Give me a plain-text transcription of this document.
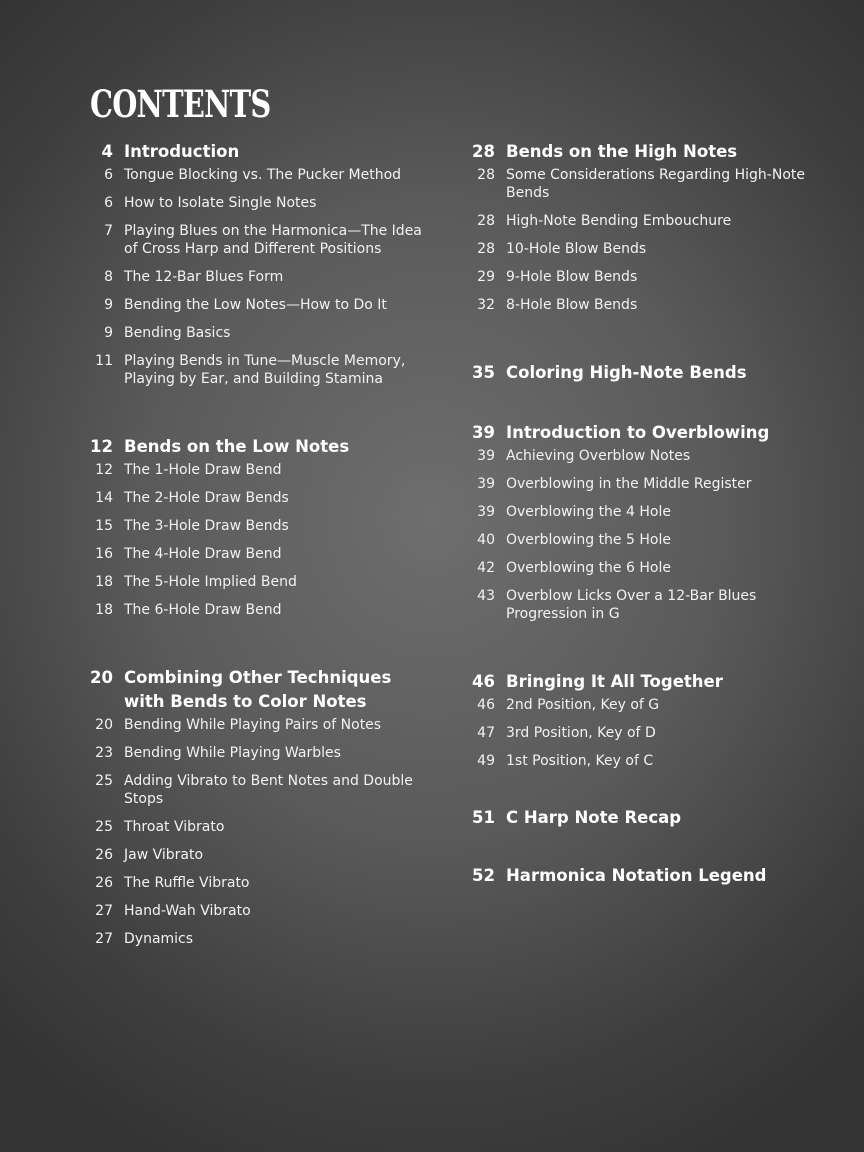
CONTENTS
4 Introduction
6 Tongue Blocking vs. The Pucker Method
6 How to Isolate Single Notes
7 Playing Blues on the Harmonica—The Idea of Cross Harp and Different Positions
8 The 12-Bar Blues Form
9 Bending the Low Notes—How to Do It
9 Bending Basics
11 Playing Bends in Tune—Muscle Memory, Playing by Ear, and Building Stamina
12 Bends on the Low Notes
12 The 1-Hole Draw Bend
14 The 2-Hole Draw Bends
15 The 3-Hole Draw Bends
16 The 4-Hole Draw Bend
18 The 5-Hole Implied Bend
18 The 6-Hole Draw Bend
20 Combining Other Techniques with Bends to Color Notes
20 Bending While Playing Pairs of Notes
23 Bending While Playing Warbles
25 Adding Vibrato to Bent Notes and Double Stops
25 Throat Vibrato
26 Jaw Vibrato
26 The Ruffle Vibrato
27 Hand-Wah Vibrato
27 Dynamics
28 Bends on the High Notes
28 Some Considerations Regarding High-Note Bends
28 High-Note Bending Embouchure
28 10-Hole Blow Bends
29 9-Hole Blow Bends
32 8-Hole Blow Bends
35 Coloring High-Note Bends
39 Introduction to Overblowing
39 Achieving Overblow Notes
39 Overblowing in the Middle Register
39 Overblowing the 4 Hole
40 Overblowing the 5 Hole
42 Overblowing the 6 Hole
43 Overblow Licks Over a 12-Bar Blues Progression in G
46 Bringing It All Together
46 2nd Position, Key of G
47 3rd Position, Key of D
49 1st Position, Key of C
51 C Harp Note Recap
52 Harmonica Notation Legend
